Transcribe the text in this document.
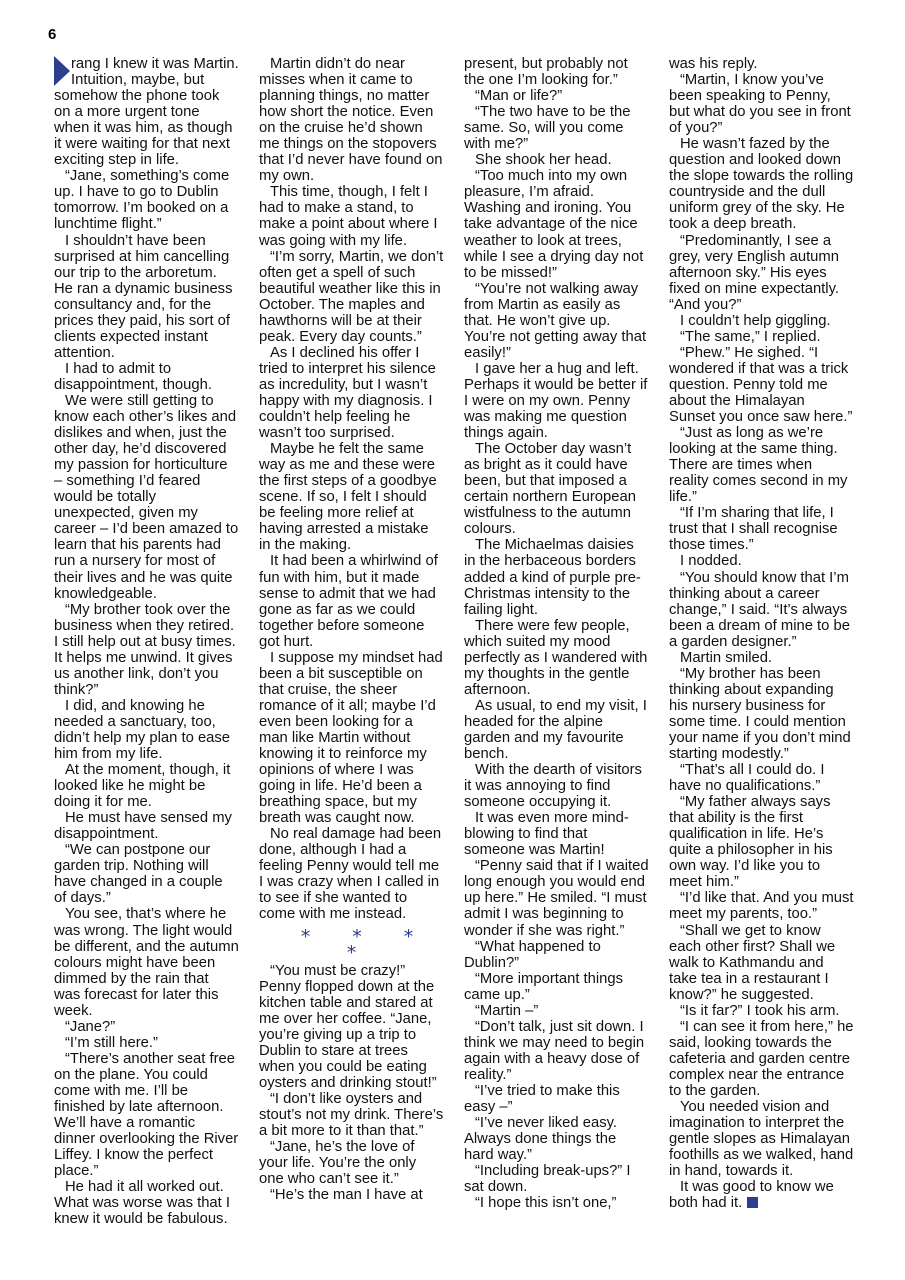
6

rang I knew it was Martin. Intuition, maybe, but somehow the phone took on a more urgent tone when it was him, as though it were waiting for that next exciting step in life.

“Jane, something’s come up. I have to go to Dublin tomorrow. I’m booked on a lunchtime flight.”

I shouldn’t have been surprised at him cancelling our trip to the arboretum. He ran a dynamic business consultancy and, for the prices they paid, his sort of clients expected instant attention.

I had to admit to disappointment, though.

We were still getting to know each other’s likes and dislikes and when, just the other day, he’d discovered my passion for horticulture – something I’d feared would be totally unexpected, given my career – I’d been amazed to learn that his parents had run a nursery for most of their lives and he was quite knowledgeable.

“My brother took over the business when they retired. I still help out at busy times. It helps me unwind. It gives us another link, don’t you think?”

I did, and knowing he needed a sanctuary, too, didn’t help my plan to ease him from my life.

At the moment, though, it looked like he might be doing it for me.

He must have sensed my disappointment.

“We can postpone our garden trip. Nothing will have changed in a couple of days.”

You see, that’s where he was wrong. The light would be different, and the autumn colours might have been dimmed by the rain that was forecast for later this week.

“Jane?”

“I’m still here.”

“There’s another seat free on the plane. You could come with me. I’ll be finished by late afternoon. We’ll have a romantic dinner overlooking the River Liffey. I know the perfect place.”

He had it all worked out. What was worse was that I knew it would be fabulous.

Martin didn’t do near misses when it came to planning things, no matter how short the notice. Even on the cruise he’d shown me things on the stopovers that I’d never have found on my own.

This time, though, I felt I had to make a stand, to make a point about where I was going with my life.

“I’m sorry, Martin, we don’t often get a spell of such beautiful weather like this in October. The maples and hawthorns will be at their peak. Every day counts.”

As I declined his offer I tried to interpret his silence as incredulity, but I wasn’t happy with my diagnosis. I couldn’t help feeling he wasn’t too surprised.

Maybe he felt the same way as me and these were the first steps of a goodbye scene. If so, I felt I should be feeling more relief at having arrested a mistake in the making.

It had been a whirlwind of fun with him, but it made sense to admit that we had gone as far as we could together before someone got hurt.

I suppose my mindset had been a bit susceptible on that cruise, the sheer romance of it all; maybe I’d even been looking for a man like Martin without knowing it to reinforce my opinions of where I was going in life. He’d been a breathing space, but my breath was caught now.

No real damage had been done, although I had a feeling Penny would tell me I was crazy when I called in to see if she wanted to come with me instead.

* * * *

“You must be crazy!” Penny flopped down at the kitchen table and stared at me over her coffee. “Jane, you’re giving up a trip to Dublin to stare at trees when you could be eating oysters and drinking stout!”

“I don’t like oysters and stout’s not my drink. There’s a bit more to it than that.”

“Jane, he’s the love of your life. You’re the only one who can’t see it.”

“He’s the man I have at

present, but probably not the one I’m looking for.”

“Man or life?”

“The two have to be the same. So, will you come with me?”

She shook her head.

“Too much into my own pleasure, I’m afraid. Washing and ironing. You take advantage of the nice weather to look at trees, while I see a drying day not to be missed!”

“You’re not walking away from Martin as easily as that. He won’t give up. You’re not getting away that easily!”

I gave her a hug and left. Perhaps it would be better if I were on my own. Penny was making me question things again.

The October day wasn’t as bright as it could have been, but that imposed a certain northern European wistfulness to the autumn colours.

The Michaelmas daisies in the herbaceous borders added a kind of purple pre-Christmas intensity to the failing light.

There were few people, which suited my mood perfectly as I wandered with my thoughts in the gentle afternoon.

As usual, to end my visit, I headed for the alpine garden and my favourite bench.

With the dearth of visitors it was annoying to find someone occupying it.

It was even more mind-blowing to find that someone was Martin!

“Penny said that if I waited long enough you would end up here.” He smiled. “I must admit I was beginning to wonder if she was right.”

“What happened to Dublin?”

“More important things came up.”

“Martin –”

“Don’t talk, just sit down. I think we may need to begin again with a heavy dose of reality.”

“I’ve tried to make this easy –”

“I’ve never liked easy. Always done things the hard way.”

“Including break-ups?” I sat down.

“I hope this isn’t one,”

was his reply.

“Martin, I know you’ve been speaking to Penny, but what do you see in front of you?”

He wasn’t fazed by the question and looked down the slope towards the rolling countryside and the dull uniform grey of the sky. He took a deep breath.

“Predominantly, I see a grey, very English autumn afternoon sky.” His eyes fixed on mine expectantly. “And you?”

I couldn’t help giggling.

“The same,” I replied.

“Phew.” He sighed. “I wondered if that was a trick question. Penny told me about the Himalayan Sunset you once saw here.”

“Just as long as we’re looking at the same thing. There are times when reality comes second in my life.”

“If I’m sharing that life, I trust that I shall recognise those times.”

I nodded.

“You should know that I’m thinking about a career change,” I said. “It’s always been a dream of mine to be a garden designer.”

Martin smiled.

“My brother has been thinking about expanding his nursery business for some time. I could mention your name if you don’t mind starting modestly.”

“That’s all I could do. I have no qualifications.”

“My father always says that ability is the first qualification in life. He’s quite a philosopher in his own way. I’d like you to meet him.”

“I’d like that. And you must meet my parents, too.”

“Shall we get to know each other first? Shall we walk to Kathmandu and take tea in a restaurant I know?” he suggested.

“Is it far?” I took his arm.

“I can see it from here,” he said, looking towards the cafeteria and garden centre complex near the entrance to the garden.

You needed vision and imagination to interpret the gentle slopes as Himalayan foothills as we walked, hand in hand, towards it.

It was good to know we both had it.
